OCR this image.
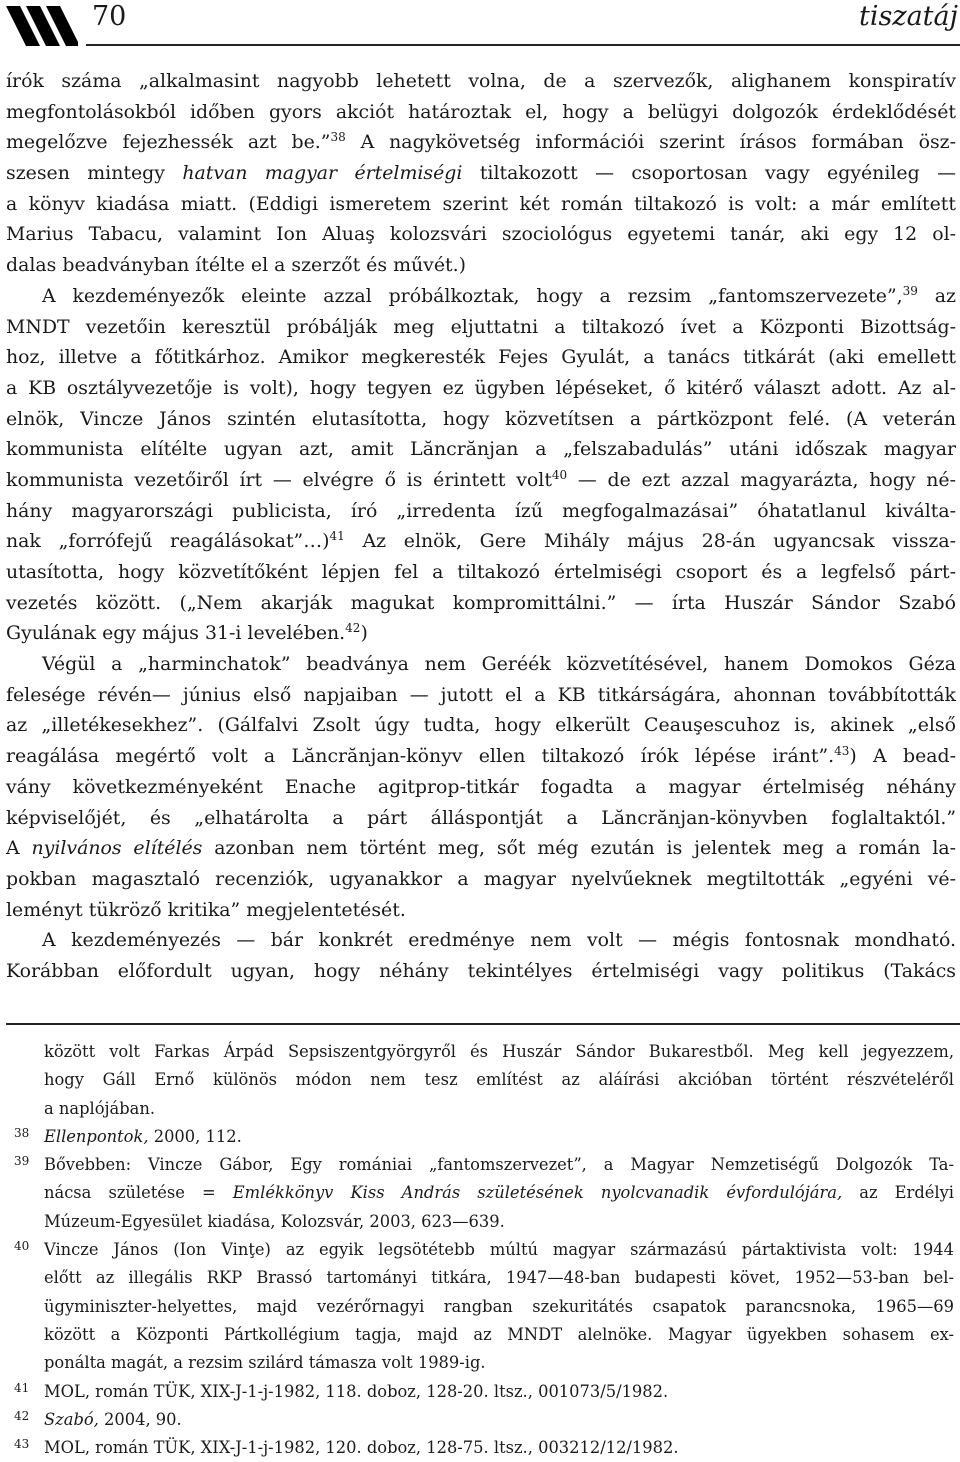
70	tiszatáj
írók száma „alkalmasint nagyobb lehetett volna, de a szervezők, alighanem konspiratív
megfontolásokból időben gyors akciót határoztak el, hogy a belügyi dolgozók érdeklődését
megelőzve fejezhessék azt be.”$^{38}$ A nagykövetség információi szerint írásos formában ösz-
szesen mintegy hatvan magyar értelmiségi tiltakozott — csoportosan vagy egyénileg —
a könyv kiadása miatt. (Eddigi ismeretem szerint két román tiltakozó is volt: a már említett
Marius Tabacu, valamint Ion Aluaş kolozsvári szociológus egyetemi tanár, aki egy 12 ol-
dalas beadványban ítélte el a szerzőt és művét.)
A kezdeményezők eleinte azzal próbálkoztak, hogy a rezsim „fantomszervezete”,$^{39}$ az
MNDT vezetőin keresztül próbálják meg eljuttatni a tiltakozó ívet a Központi Bizottság-
hoz, illetve a főtitkárhoz. Amikor megkeresték Fejes Gyulát, a tanács titkárát (aki emellett
a KB osztályvezetője is volt), hogy tegyen ez ügyben lépéseket, ő kitérő választ adott. Az al-
elnök, Vincze János szintén elutasította, hogy közvetítsen a pártközpont felé. (A veterán
kommunista elítélte ugyan azt, amit Lăncrănjan a „felszabadulás” utáni időszak magyar
kommunista vezetőiről írt — elvégre ő is érintett volt$^{40}$ — de ezt azzal magyarázta, hogy né-
hány magyarországi publicista, író „irredenta ízű megfogalmazásai” óhatatlanul kiválta-
nak „forrófejű reagálásokat”…)$^{41}$ Az elnök, Gere Mihály május 28-án ugyancsak vissza-
utasította, hogy közvetítőként lépjen fel a tiltakozó értelmiségi csoport és a legfelső párt-
vezetés között. („Nem akarják magukat kompromittálni.” — írta Huszár Sándor Szabó
Gyulának egy május 31-i levelében.$^{42}$)
Végül a „harminchatok” beadványa nem Geréék közvetítésével, hanem Domokos Géza
felesége révén— június első napjaiban — jutott el a KB titkárságára, ahonnan továbbították
az „illetékesekhez”. (Gálfalvi Zsolt úgy tudta, hogy elkerült Ceauşescuhoz is, akinek „első
reagálása megértő volt a Lăncrănjan-könyv ellen tiltakozó írók lépése iránt”.$^{43}$) A bead-
vány következményeként Enache agitprop-titkár fogadta a magyar értelmiség néhány
képviselőjét, és „elhatárolta a párt álláspontját a Lăncrănjan-könyvben foglaltaktól.”
A nyilvános elítélés azonban nem történt meg, sőt még ezután is jelentek meg a román la-
pokban magasztaló recenziók, ugyanakkor a magyar nyelvűeknek megtiltották „egyéni vé-
leményt tükröző kritika” megjelentetését.
A kezdeményezés — bár konkrét eredménye nem volt — mégis fontosnak mondható.
Korábban előfordult ugyan, hogy néhány tekintélyes értelmiségi vagy politikus (Takács
között volt Farkas Árpád Sepsiszentgyörgyről és Huszár Sándor Bukarestből. Meg kell jegyezzem,
hogy Gáll Ernő különös módon nem tesz említést az aláírási akcióban történt részvételéről
a naplójában.
38 Ellenpontok, 2000, 112.
39 Bővebben: Vincze Gábor, Egy romániai „fantomszervezet”, a Magyar Nemzetiségű Dolgozók Ta-
nácsa születése = Emlékkönyv Kiss András születésének nyolcvanadik évfordulójára, az Erdélyi
Múzeum-Egyesület kiadása, Kolozsvár, 2003, 623—639.
40 Vincze János (Ion Vinţe) az egyik legsötétebb múltú magyar származású pártaktivista volt: 1944
előtt az illegális RKP Brassó tartományi titkára, 1947—48-ban budapesti követ, 1952—53-ban bel-
ügyminiszter-helyettes, majd vezérőrnagyi rangban szekuritátés csapatok parancsnoka, 1965—69
között a Központi Pártkollégium tagja, majd az MNDT alelnöke. Magyar ügyekben sohasem ex-
ponálta magát, a rezsim szilárd támasza volt 1989-ig.
41 MOL, román TÜK, XIX-J-1-j-1982, 118. doboz, 128-20. ltsz., 001073/5/1982.
42 Szabó, 2004, 90.
43 MOL, román TÜK, XIX-J-1-j-1982, 120. doboz, 128-75. ltsz., 003212/12/1982.
